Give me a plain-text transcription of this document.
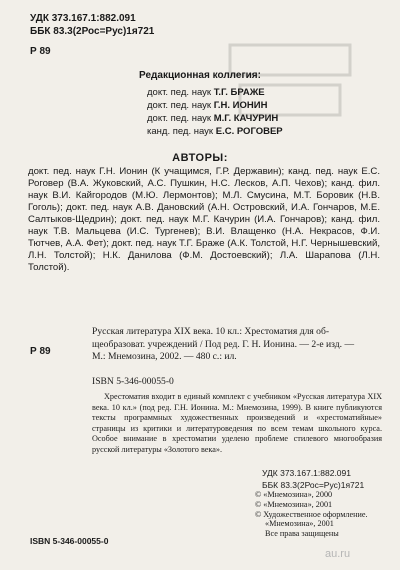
УДК 373.167.1:882.091
ББК 83.3(2Рос=Рус)1я721
Р 89
Редакционная коллегия:
докт. пед. наук Т.Г. БРАЖЕ
докт. пед. наук Г.Н. ИОНИН
докт. пед. наук М.Г. КАЧУРИН
канд. пед. наук Е.С. РОГОВЕР
АВТОРЫ:
докт. пед. наук Г.Н. Ионин (К учащимся, Г.Р. Державин); канд. пед. наук Е.С. Роговер (В.А. Жуковский, А.С. Пушкин, Н.С. Лесков, А.П. Чехов); канд. фил. наук В.И. Кайгородов (М.Ю. Лермонтов); М.Л. Смусина, М.Т. Боровик (Н.В. Гоголь); докт. пед. наук А.В. Дановский (А.Н. Островский, И.А. Гончаров, М.Е. Салтыков-Щедрин); докт. пед. наук М.Г. Качурин (И.А. Гончаров); канд. фил. наук Т.В. Мальцева (И.С. Тургенев); В.И. Влащенко (Н.А. Некрасов, Ф.И. Тютчев, А.А. Фет); докт. пед. наук Т.Г. Браже (А.К. Толстой, Н.Г. Чернышевский, Л.Н. Толстой); Н.К. Данилова (Ф.М. Достоевский); Л.А. Шарапова (Л.Н. Толстой).
Р 89
Русская литература XIX века. 10 кл.: Хрестоматия для об-
щеобразоват. учреждений / Под ред. Г. Н. Ионина. — 2-е изд. —
М.: Мнемозина, 2002. — 480 с.: ил.
ISBN 5-346-00055-0
Хрестоматия входит в единый комплект с учебником «Русская литература XIX века. 10 кл.» (под ред. Г.Н. Ионина. М.: Мнемозина, 1999). В книге публикуются тексты программных художественных произведений и «хрестоматийные» страницы из критики и литературоведения по всем темам школьного курса. Особое внимание в хрестоматии уделено проблеме стилевого многообразия русской литературы «Золотого века».
УДК 373.167.1:882.091
ББК 83.3(2Рос=Рус)1я721
© «Мнемозина», 2000
© «Мнемозина», 2001
© Художественное оформление.
«Мнемозина», 2001
Все права защищены
ISBN 5-346-00055-0
au.ru
